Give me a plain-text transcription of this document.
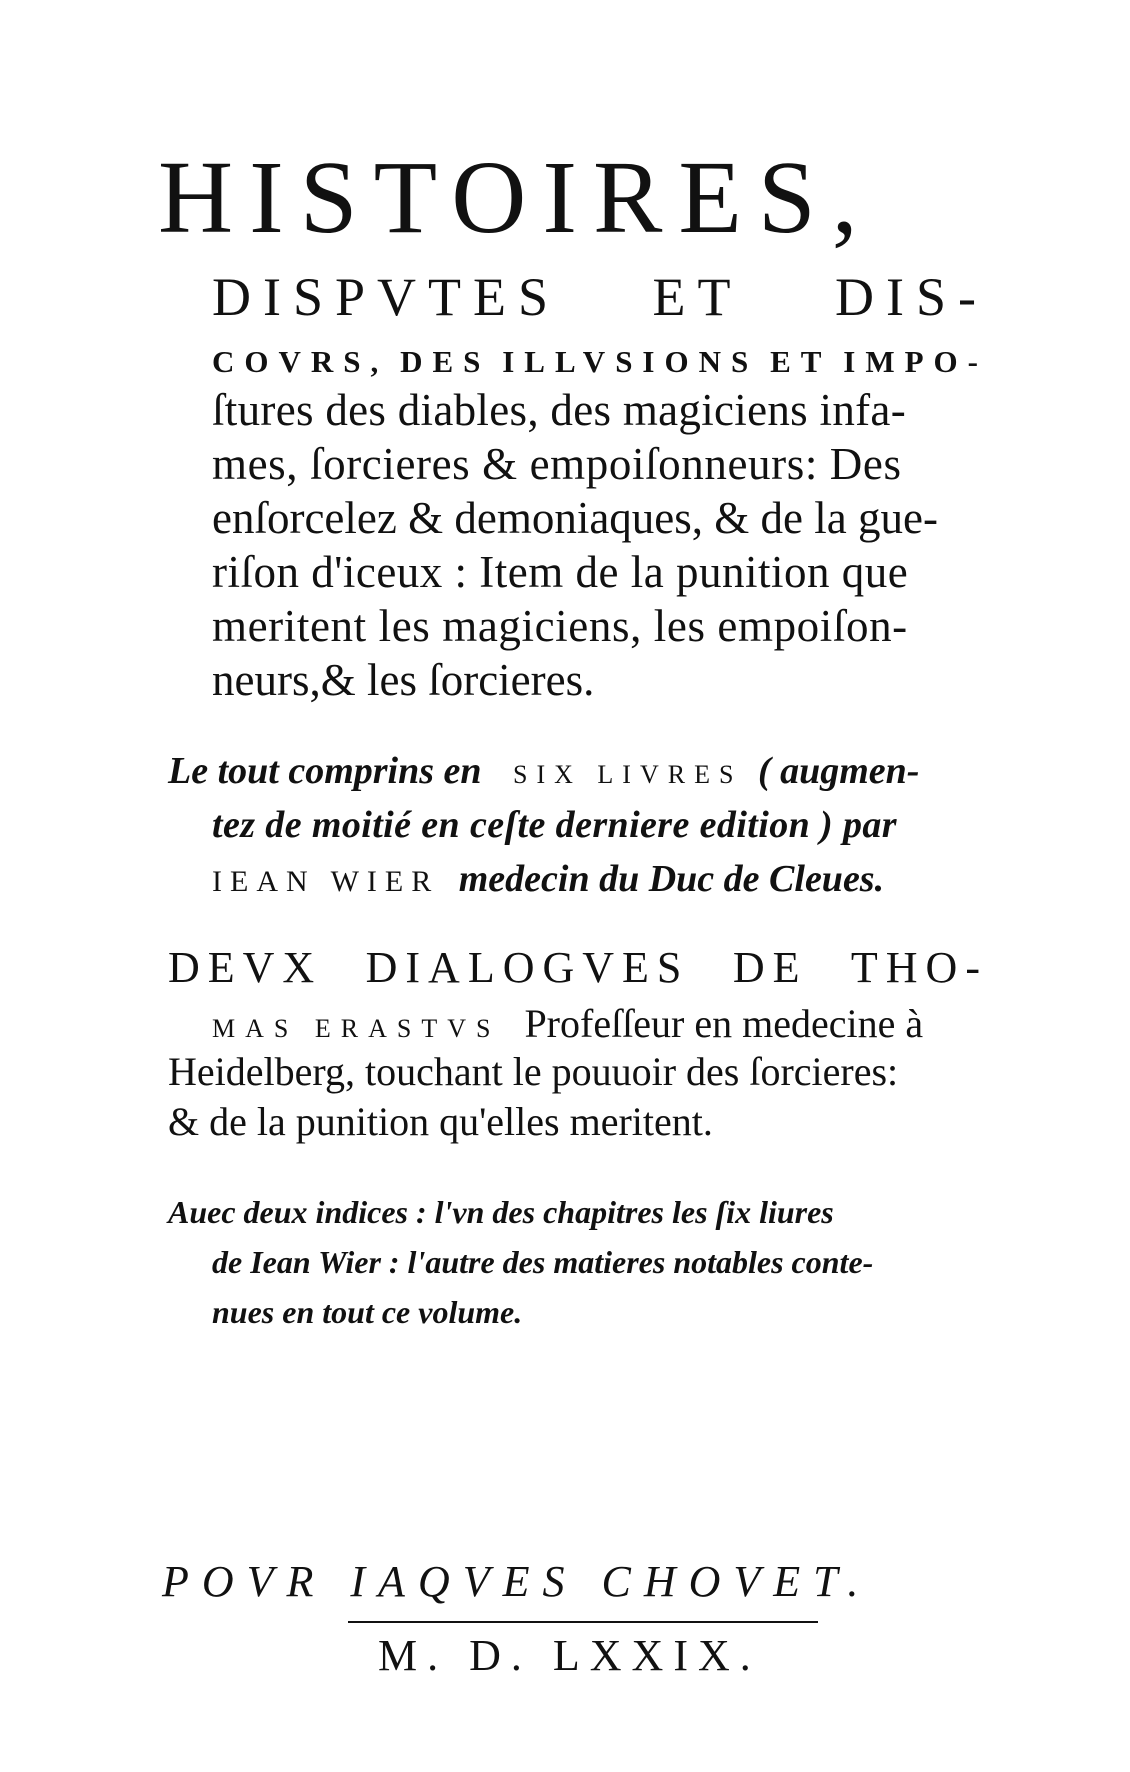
HISTOIRES,
DISPVTES ET DIS-
COVRS, DES ILLVSIONS ET IMPO-
ſtures des diables, des magiciens infa-
mes, ſorcieres & empoiſonneurs: Des
enſorcelez & demoniaques, & de la gue-
riſon d'iceux : Item de la punition que
meritent les magiciens, les empoiſon-
neurs,& les ſorcieres.
Le tout comprins en SIX LIVRES ( augmen-
tez de moitié en ceſte derniere edition ) par
IEAN WIER medecin du Duc de Cleues.
DEVX DIALOGVES DE THO-
MAS ERASTVS Profeſſeur en medecine à
Heidelberg, touchant le pouuoir des ſorcieres:
& de la punition qu'elles meritent.
Auec deux indices : l'vn des chapitres les ſix liures
de Iean Wier : l'autre des matieres notables conte-
nues en tout ce volume.
POVR IAQVES CHOVET.
M. D. LXXIX.
